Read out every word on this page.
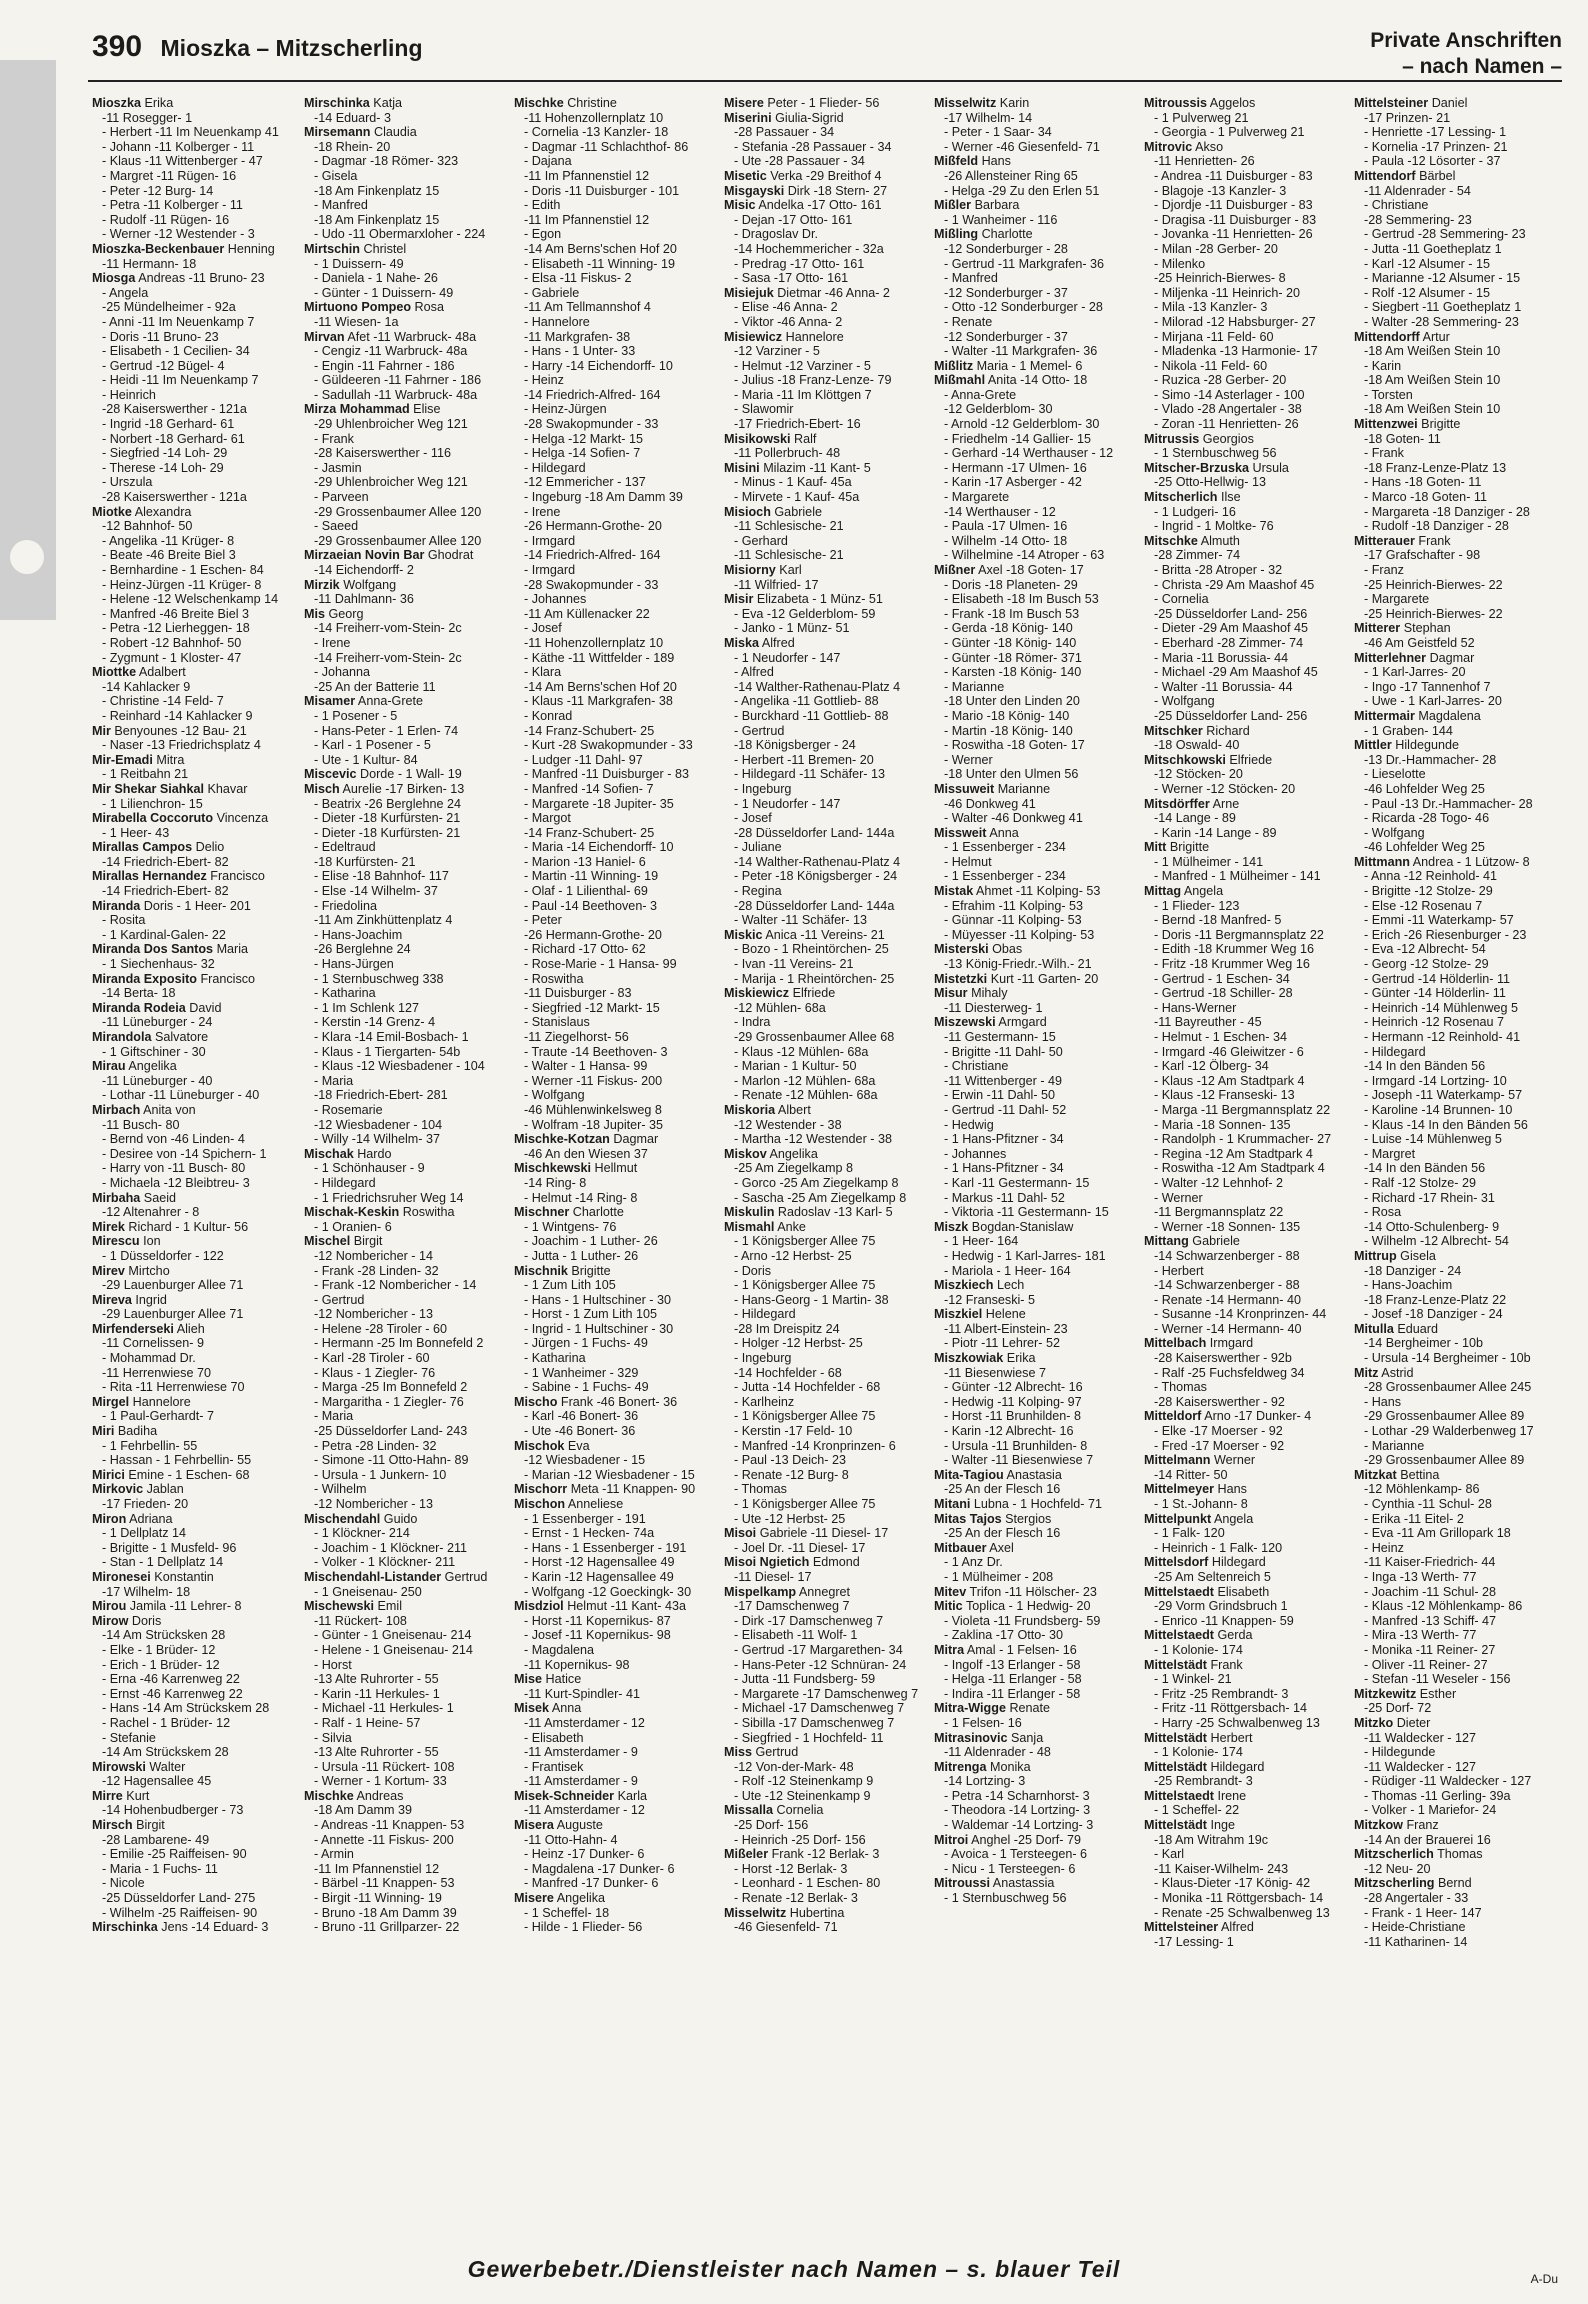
390 Mioszka – Mitzscherling	Private Anschriften
– nach Namen –
Mioszka Erika
-11 Rosegger- 1
- Herbert -11 Im Neuenkamp 41
- Johann -11 Kolberger - 11
- Klaus -11 Wittenberger - 47
- Margret -11 Rügen- 16
- Peter -12 Burg- 14
- Petra -11 Kolberger - 11
- Rudolf -11 Rügen- 16
- Werner -12 Westender - 3
Mioszka-Beckenbauer Henning
-11 Hermann- 18
Miosga Andreas -11 Bruno- 23
- Angela
-25 Mündelheimer - 92a
- Anni -11 Im Neuenkamp 7
- Doris -11 Bruno- 23
- Elisabeth - 1 Cecilien- 34
- Gertrud -12 Bügel- 4
- Heidi -11 Im Neuenkamp 7
- Heinrich
-28 Kaiserswerther - 121a
- Ingrid -18 Gerhard- 61
- Norbert -18 Gerhard- 61
- Siegfried -14 Loh- 29
- Therese -14 Loh- 29
- Urszula
-28 Kaiserswerther - 121a
Miotke Alexandra
-12 Bahnhof- 50
- Angelika -11 Krüger- 8
- Beate -46 Breite Biel 3
- Bernhardine - 1 Eschen- 84
- Heinz-Jürgen -11 Krüger- 8
- Helene -12 Welschenkamp 14
- Manfred -46 Breite Biel 3
- Petra -12 Lierheggen- 18
- Robert -12 Bahnhof- 50
- Zygmunt - 1 Kloster- 47
Miottke Adalbert
-14 Kahlacker 9
- Christine -14 Feld- 7
- Reinhard -14 Kahlacker 9
Mir Benyounes -12 Bau- 21
- Naser -13 Friedrichsplatz 4
Mir-Emadi Mitra
- 1 Reitbahn 21
Mir Shekar Siahkal Khavar
- 1 Lilienchron- 15
Mirabella Coccoruto Vincenza
- 1 Heer- 43
Mirallas Campos Delio
-14 Friedrich-Ebert- 82
Mirallas Hernandez Francisco
-14 Friedrich-Ebert- 82
Miranda Doris - 1 Heer- 201
- Rosita
- 1 Kardinal-Galen- 22
Miranda Dos Santos Maria
- 1 Siechenhaus- 32
Miranda Exposito Francisco
-14 Berta- 18
Miranda Rodeia David
-11 Lüneburger - 24
Mirandola Salvatore
- 1 Giftschiner - 30
Mirau Angelika
-11 Lüneburger - 40
- Lothar -11 Lüneburger - 40
Mirbach Anita von
-11 Busch- 80
- Bernd von -46 Linden- 4
- Desiree von -14 Spichern- 1
- Harry von -11 Busch- 80
- Michaela -12 Bleibtreu- 3
Mirbaha Saeid
-12 Altenahrer - 8
Mirek Richard - 1 Kultur- 56
Mirescu Ion
- 1 Düsseldorfer - 122
Mirev Mirtcho
-29 Lauenburger Allee 71
Mireva Ingrid
-29 Lauenburger Allee 71
Mirfenderseki Alieh
-11 Cornelissen- 9
- Mohammad Dr.
-11 Herrenwiese 70
- Rita -11 Herrenwiese 70
Mirgel Hannelore
- 1 Paul-Gerhardt- 7
Miri Badiha
- 1 Fehrbellin- 55
- Hassan - 1 Fehrbellin- 55
Mirici Emine - 1 Eschen- 68
Mirkovic Jablan
-17 Frieden- 20
Miron Adriana
- 1 Dellplatz 14
- Brigitte - 1 Musfeld- 96
- Stan - 1 Dellplatz 14
Mironesei Konstantin
-17 Wilhelm- 18
Mirou Jamila -11 Lehrer- 8
Mirow Doris
-14 Am Strücksken 28
- Elke - 1 Brüder- 12
- Erich - 1 Brüder- 12
- Erna -46 Karrenweg 22
- Ernst -46 Karrenweg 22
- Hans -14 Am Strückskem 28
- Rachel - 1 Brüder- 12
- Stefanie
-14 Am Strückskem 28
Mirowski Walter
-12 Hagensallee 45
Mirre Kurt
-14 Hohenbudberger - 73
Mirsch Birgit
-28 Lambarene- 49
- Emilie -25 Raiffeisen- 90
- Maria - 1 Fuchs- 11
- Nicole
-25 Düsseldorfer Land- 275
- Wilhelm -25 Raiffeisen- 90
Mirschinka Jens -14 Eduard- 3
Mirschinka Katja
-14 Eduard- 3
Mirsemann Claudia
-18 Rhein- 20
- Dagmar -18 Römer- 323
- Gisela
-18 Am Finkenplatz 15
- Manfred
-18 Am Finkenplatz 15
- Udo -11 Obermarxloher - 224
Mirtschin Christel
- 1 Duissern- 49
- Daniela - 1 Nahe- 26
- Günter - 1 Duissern- 49
Mirtuono Pompeo Rosa
-11 Wiesen- 1a
Mirvan Afet -11 Warbruck- 48a
- Cengiz -11 Warbruck- 48a
- Engin -11 Fahrner - 186
- Güldeeren -11 Fahrner - 186
- Sadullah -11 Warbruck- 48a
Mirza Mohammad Elise
-29 Uhlenbroicher Weg 121
- Frank
-28 Kaiserswerther - 116
- Jasmin
-29 Uhlenbroicher Weg 121
- Parveen
-29 Grossenbaumer Allee 120
- Saeed
-29 Grossenbaumer Allee 120
Mirzaeian Novin Bar Ghodrat
-14 Eichendorff- 2
Mirzik Wolfgang
-11 Dahlmann- 36
Mis Georg
-14 Freiherr-vom-Stein- 2c
- Irene
-14 Freiherr-vom-Stein- 2c
- Johanna
-25 An der Batterie 11
Misamer Anna-Grete
- 1 Posener - 5
- Hans-Peter - 1 Erlen- 74
- Karl - 1 Posener - 5
- Ute - 1 Kultur- 84
Miscevic Dorde - 1 Wall- 19
Misch Aurelie -17 Birken- 13
- Beatrix -26 Berglehne 24
- Dieter -18 Kurfürsten- 21
- Dieter -18 Kurfürsten- 21
- Edeltraud
-18 Kurfürsten- 21
- Elise -18 Bahnhof- 117
- Else -14 Wilhelm- 37
- Friedolina
-11 Am Zinkhüttenplatz 4
- Hans-Joachim
-26 Berglehne 24
- Hans-Jürgen
- 1 Sternbuschweg 338
- Katharina
- 1 Im Schlenk 127
- Kerstin -14 Grenz- 4
- Klara -14 Emil-Bosbach- 1
- Klaus - 1 Tiergarten- 54b
- Klaus -12 Wiesbadener - 104
- Maria
-18 Friedrich-Ebert- 281
- Rosemarie
-12 Wiesbadener - 104
- Willy -14 Wilhelm- 37
Mischak Hardo
- 1 Schönhauser - 9
- Hildegard
- 1 Friedrichsruher Weg 14
Mischak-Keskin Roswitha
- 1 Oranien- 6
Mischel Birgit
-12 Nombericher - 14
- Frank -28 Linden- 32
- Frank -12 Nombericher - 14
- Gertrud
-12 Nombericher - 13
- Helene -28 Tiroler - 60
- Hermann -25 Im Bonnefeld 2
- Karl -28 Tiroler - 60
- Klaus - 1 Ziegler- 76
- Marga -25 Im Bonnefeld 2
- Margaritha - 1 Ziegler- 76
- Maria
-25 Düsseldorfer Land- 243
- Petra -28 Linden- 32
- Simone -11 Otto-Hahn- 89
- Ursula - 1 Junkern- 10
- Wilhelm
-12 Nombericher - 13
Mischendahl Guido
- 1 Klöckner- 214
- Joachim - 1 Klöckner- 211
- Volker - 1 Klöckner- 211
Mischendahl-Listander Gertrud
- 1 Gneisenau- 250
Mischewski Emil
-11 Rückert- 108
- Günter - 1 Gneisenau- 214
- Helene - 1 Gneisenau- 214
- Horst
-13 Alte Ruhrorter - 55
- Karin -11 Herkules- 1
- Michael -11 Herkules- 1
- Ralf - 1 Heine- 57
- Silvia
-13 Alte Ruhrorter - 55
- Ursula -11 Rückert- 108
- Werner - 1 Kortum- 33
Mischke Andreas
-18 Am Damm 39
- Andreas -11 Knappen- 53
- Annette -11 Fiskus- 200
- Armin
-11 Im Pfannenstiel 12
- Bärbel -11 Knappen- 53
- Birgit -11 Winning- 19
- Bruno -18 Am Damm 39
- Bruno -11 Grillparzer- 22
Mischke Christine
-11 Hohenzollernplatz 10
- Cornelia -13 Kanzler- 18
- Dagmar -11 Schlachthof- 86
- Dajana
-11 Im Pfannenstiel 12
- Doris -11 Duisburger - 101
- Edith
-11 Im Pfannenstiel 12
- Egon
-14 Am Berns'schen Hof 20
- Elisabeth -11 Winning- 19
- Elsa -11 Fiskus- 2
- Gabriele
-11 Am Tellmannshof 4
- Hannelore
-11 Markgrafen- 38
- Hans - 1 Unter- 33
- Harry -14 Eichendorff- 10
- Heinz
-14 Friedrich-Alfred- 164
- Heinz-Jürgen
-28 Swakopmunder - 33
- Helga -12 Markt- 15
- Helga -14 Sofien- 7
- Hildegard
-12 Emmericher - 137
- Ingeburg -18 Am Damm 39
- Irene
-26 Hermann-Grothe- 20
- Irmgard
-14 Friedrich-Alfred- 164
- Irmgard
-28 Swakopmunder - 33
- Johannes
-11 Am Küllenacker 22
- Josef
-11 Hohenzollernplatz 10
- Käthe -11 Wittfelder - 189
- Klara
-14 Am Berns'schen Hof 20
- Klaus -11 Markgrafen- 38
- Konrad
-14 Franz-Schubert- 25
- Kurt -28 Swakopmunder - 33
- Ludger -11 Dahl- 97
- Manfred -11 Duisburger - 83
- Manfred -14 Sofien- 7
- Margarete -18 Jupiter- 35
- Margot
-14 Franz-Schubert- 25
- Maria -14 Eichendorff- 10
- Marion -13 Haniel- 6
- Martin -11 Winning- 19
- Olaf - 1 Lilienthal- 69
- Paul -14 Beethoven- 3
- Peter
-26 Hermann-Grothe- 20
- Richard -17 Otto- 62
- Rose-Marie - 1 Hansa- 99
- Roswitha
-11 Duisburger - 83
- Siegfried -12 Markt- 15
- Stanislaus
-11 Ziegelhorst- 56
- Traute -14 Beethoven- 3
- Walter - 1 Hansa- 99
- Werner -11 Fiskus- 200
- Wolfgang
-46 Mühlenwinkelsweg 8
- Wolfram -18 Jupiter- 35
Mischke-Kotzan Dagmar
-46 An den Wiesen 37
Mischkewski Hellmut
-14 Ring- 8
- Helmut -14 Ring- 8
Mischner Charlotte
- 1 Wintgens- 76
- Joachim - 1 Luther- 26
- Jutta - 1 Luther- 26
Mischnik Brigitte
- 1 Zum Lith 105
- Hans - 1 Hultschiner - 30
- Horst - 1 Zum Lith 105
- Ingrid - 1 Hultschiner - 30
- Jürgen - 1 Fuchs- 49
- Katharina
- 1 Wanheimer - 329
- Sabine - 1 Fuchs- 49
Mischo Frank -46 Bonert- 36
- Karl -46 Bonert- 36
- Ute -46 Bonert- 36
Mischok Eva
-12 Wiesbadener - 15
- Marian -12 Wiesbadener - 15
Mischorr Meta -11 Knappen- 90
Mischon Anneliese
- 1 Essenberger - 191
- Ernst - 1 Hecken- 74a
- Hans - 1 Essenberger - 191
- Horst -12 Hagensallee 49
- Karin -12 Hagensallee 49
- Wolfgang -12 Goeckingk- 30
Misdziol Helmut -11 Kant- 43a
- Horst -11 Kopernikus- 87
- Josef -11 Kopernikus- 98
- Magdalena
-11 Kopernikus- 98
Mise Hatice
-11 Kurt-Spindler- 41
Misek Anna
-11 Amsterdamer - 12
- Elisabeth
-11 Amsterdamer - 9
- Frantisek
-11 Amsterdamer - 9
Misek-Schneider Karla
-11 Amsterdamer - 12
Misera Auguste
-11 Otto-Hahn- 4
- Heinz -17 Dunker- 6
- Magdalena -17 Dunker- 6
- Manfred -17 Dunker- 6
Misere Angelika
- 1 Scheffel- 18
- Hilde - 1 Flieder- 56
Misere Peter - 1 Flieder- 56
Miserini Giulia-Sigrid
-28 Passauer - 34
- Stefania -28 Passauer - 34
- Ute -28 Passauer - 34
Misetic Verka -29 Breithof 4
Misgayski Dirk -18 Stern- 27
Misic Andelka -17 Otto- 161
- Dejan -17 Otto- 161
- Dragoslav Dr.
-14 Hochemmericher - 32a
- Predrag -17 Otto- 161
- Sasa -17 Otto- 161
Misiejuk Dietmar -46 Anna- 2
- Elise -46 Anna- 2
- Viktor -46 Anna- 2
Misiewicz Hannelore
-12 Varziner - 5
- Helmut -12 Varziner - 5
- Julius -18 Franz-Lenze- 79
- Maria -11 Im Klöttgen 7
- Slawomir
-17 Friedrich-Ebert- 16
Misikowski Ralf
-11 Pollerbruch- 48
Misini Milazim -11 Kant- 5
- Minus - 1 Kauf- 45a
- Mirvete - 1 Kauf- 45a
Misioch Gabriele
-11 Schlesische- 21
- Gerhard
-11 Schlesische- 21
Misiorny Karl
-11 Wilfried- 17
Misir Elizabeta - 1 Münz- 51
- Eva -12 Gelderblom- 59
- Janko - 1 Münz- 51
Miska Alfred
- 1 Neudorfer - 147
- Alfred
-14 Walther-Rathenau-Platz 4
- Angelika -11 Gottlieb- 88
- Burckhard -11 Gottlieb- 88
- Gertrud
-18 Königsberger - 24
- Herbert -11 Bremen- 20
- Hildegard -11 Schäfer- 13
- Ingeburg
- 1 Neudorfer - 147
- Josef
-28 Düsseldorfer Land- 144a
- Juliane
-14 Walther-Rathenau-Platz 4
- Peter -18 Königsberger - 24
- Regina
-28 Düsseldorfer Land- 144a
- Walter -11 Schäfer- 13
Miskic Anica -11 Vereins- 21
- Bozo - 1 Rheintörchen- 25
- Ivan -11 Vereins- 21
- Marija - 1 Rheintörchen- 25
Miskiewicz Elfriede
-12 Mühlen- 68a
- Indra
-29 Grossenbaumer Allee 68
- Klaus -12 Mühlen- 68a
- Marian - 1 Kultur- 50
- Marlon -12 Mühlen- 68a
- Renate -12 Mühlen- 68a
Miskoria Albert
-12 Westender - 38
- Martha -12 Westender - 38
Miskov Angelika
-25 Am Ziegelkamp 8
- Gorco -25 Am Ziegelkamp 8
- Sascha -25 Am Ziegelkamp 8
Miskulin Radoslav -13 Karl- 5
Mismahl Anke
- 1 Königsberger Allee 75
- Arno -12 Herbst- 25
- Doris
- 1 Königsberger Allee 75
- Hans-Georg - 1 Martin- 38
- Hildegard
-28 Im Dreispitz 24
- Holger -12 Herbst- 25
- Ingeburg
-14 Hochfelder - 68
- Jutta -14 Hochfelder - 68
- Karlheinz
- 1 Königsberger Allee 75
- Kerstin -17 Feld- 10
- Manfred -14 Kronprinzen- 6
- Paul -13 Deich- 23
- Renate -12 Burg- 8
- Thomas
- 1 Königsberger Allee 75
- Ute -12 Herbst- 25
Misoi Gabriele -11 Diesel- 17
- Joel Dr. -11 Diesel- 17
Misoi Ngietich Edmond
-11 Diesel- 17
Mispelkamp Annegret
-17 Damschenweg 7
- Dirk -17 Damschenweg 7
- Elisabeth -11 Wolf- 1
- Gertrud -17 Margarethen- 34
- Hans-Peter -12 Schnüran- 24
- Jutta -11 Fundsberg- 59
- Margarete -17 Damschenweg 7
- Michael -17 Damschenweg 7
- Sibilla -17 Damschenweg 7
- Siegfried - 1 Hochfeld- 11
Miss Gertrud
-12 Von-der-Mark- 48
- Rolf -12 Steinenkamp 9
- Ute -12 Steinenkamp 9
Missalla Cornelia
-25 Dorf- 156
- Heinrich -25 Dorf- 156
Mißeler Frank -12 Berlak- 3
- Horst -12 Berlak- 3
- Leonhard - 1 Eschen- 80
- Renate -12 Berlak- 3
Misselwitz Hubertina
-46 Giesenfeld- 71
Misselwitz Karin
-17 Wilhelm- 14
- Peter - 1 Saar- 34
- Werner -46 Giesenfeld- 71
Mißfeld Hans
-26 Allensteiner Ring 65
- Helga -29 Zu den Erlen 51
Mißler Barbara
- 1 Wanheimer - 116
Mißling Charlotte
-12 Sonderburger - 28
- Gertrud -11 Markgrafen- 36
- Manfred
-12 Sonderburger - 37
- Otto -12 Sonderburger - 28
- Renate
-12 Sonderburger - 37
- Walter -11 Markgrafen- 36
Mißlitz Maria - 1 Memel- 6
Mißmahl Anita -14 Otto- 18
- Anna-Grete
-12 Gelderblom- 30
- Arnold -12 Gelderblom- 30
- Friedhelm -14 Gallier- 15
- Gerhard -14 Werthauser - 12
- Hermann -17 Ulmen- 16
- Karin -17 Asberger - 42
- Margarete
-14 Werthauser - 12
- Paula -17 Ulmen- 16
- Wilhelm -14 Otto- 18
- Wilhelmine -14 Atroper - 63
Mißner Axel -18 Goten- 17
- Doris -18 Planeten- 29
- Elisabeth -18 Im Busch 53
- Frank -18 Im Busch 53
- Gerda -18 König- 140
- Günter -18 König- 140
- Günter -18 Römer- 371
- Karsten -18 König- 140
- Marianne
-18 Unter den Linden 20
- Mario -18 König- 140
- Martin -18 König- 140
- Roswitha -18 Goten- 17
- Werner
-18 Unter den Ulmen 56
Missuweit Marianne
-46 Donkweg 41
- Walter -46 Donkweg 41
Missweit Anna
- 1 Essenberger - 234
- Helmut
- 1 Essenberger - 234
Mistak Ahmet -11 Kolping- 53
- Efrahim -11 Kolping- 53
- Günnar -11 Kolping- 53
- Müyesser -11 Kolping- 53
Misterski Obas
-13 König-Friedr.-Wilh.- 21
Mistetzki Kurt -11 Garten- 20
Misur Mihaly
-11 Diesterweg- 1
Miszewski Armgard
-11 Gestermann- 15
- Brigitte -11 Dahl- 50
- Christiane
-11 Wittenberger - 49
- Erwin -11 Dahl- 50
- Gertrud -11 Dahl- 52
- Hedwig
- 1 Hans-Pfitzner - 34
- Johannes
- 1 Hans-Pfitzner - 34
- Karl -11 Gestermann- 15
- Markus -11 Dahl- 52
- Viktoria -11 Gestermann- 15
Miszk Bogdan-Stanislaw
- 1 Heer- 164
- Hedwig - 1 Karl-Jarres- 181
- Mariola - 1 Heer- 164
Miszkiech Lech
-12 Franseski- 5
Miszkiel Helene
-11 Albert-Einstein- 23
- Piotr -11 Lehrer- 52
Miszkowiak Erika
-11 Biesenwiese 7
- Günter -12 Albrecht- 16
- Hedwig -11 Kolping- 97
- Horst -11 Brunhilden- 8
- Karin -12 Albrecht- 16
- Ursula -11 Brunhilden- 8
- Walter -11 Biesenwiese 7
Mita-Tagiou Anastasia
-25 An der Flesch 16
Mitani Lubna - 1 Hochfeld- 71
Mitas Tajos Stergios
-25 An der Flesch 16
Mitbauer Axel
- 1 Anz Dr.
- 1 Mülheimer - 208
Mitev Trifon -11 Hölscher- 23
Mitic Toplica - 1 Hedwig- 20
- Violeta -11 Frundsberg- 59
- Zaklina -17 Otto- 30
Mitra Amal - 1 Felsen- 16
- Ingolf -13 Erlanger - 58
- Helga -11 Erlanger - 58
- Indira -11 Erlanger - 58
Mitra-Wigge Renate
- 1 Felsen- 16
Mitrasinovic Sanja
-11 Aldenrader - 48
Mitrenga Monika
-14 Lortzing- 3
- Petra -14 Scharnhorst- 3
- Theodora -14 Lortzing- 3
- Waldemar -14 Lortzing- 3
Mitroi Anghel -25 Dorf- 79
- Avoica - 1 Tersteegen- 6
- Nicu - 1 Tersteegen- 6
Mitroussi Anastassia
- 1 Sternbuschweg 56
Mitroussis Aggelos
- 1 Pulverweg 21
- Georgia - 1 Pulverweg 21
Mitrovic Akso
-11 Henrietten- 26
- Andrea -11 Duisburger - 83
- Blagoje -13 Kanzler- 3
- Djordje -11 Duisburger - 83
- Dragisa -11 Duisburger - 83
- Jovanka -11 Henrietten- 26
- Milan -28 Gerber- 20
- Milenko
-25 Heinrich-Bierwes- 8
- Miljenka -11 Heinrich- 20
- Mila -13 Kanzler- 3
- Milorad -12 Habsburger- 27
- Mirjana -11 Feld- 60
- Mladenka -13 Harmonie- 17
- Nikola -11 Feld- 60
- Ruzica -28 Gerber- 20
- Simo -14 Asterlager - 100
- Vlado -28 Angertaler - 38
- Zoran -11 Henrietten- 26
Mitrussis Georgios
- 1 Sternbuschweg 56
Mitscher-Brzuska Ursula
-25 Otto-Hellwig- 13
Mitscherlich Ilse
- 1 Ludgeri- 16
- Ingrid - 1 Moltke- 76
Mitschke Almuth
-28 Zimmer- 74
- Britta -28 Atroper - 32
- Christa -29 Am Maashof 45
- Cornelia
-25 Düsseldorfer Land- 256
- Dieter -29 Am Maashof 45
- Eberhard -28 Zimmer- 74
- Maria -11 Borussia- 44
- Michael -29 Am Maashof 45
- Walter -11 Borussia- 44
- Wolfgang
-25 Düsseldorfer Land- 256
Mitschker Richard
-18 Oswald- 40
Mitschkowski Elfriede
-12 Stöcken- 20
- Werner -12 Stöcken- 20
Mitsdörffer Arne
-14 Lange - 89
- Karin -14 Lange - 89
Mitt Brigitte
- 1 Mülheimer - 141
- Manfred - 1 Mülheimer - 141
Mittag Angela
- 1 Flieder- 123
- Bernd -18 Manfred- 5
- Doris -11 Bergmannsplatz 22
- Edith -18 Krummer Weg 16
- Fritz -18 Krummer Weg 16
- Gertrud - 1 Eschen- 34
- Gertrud -18 Schiller- 28
- Hans-Werner
-11 Bayreuther - 45
- Helmut - 1 Eschen- 34
- Irmgard -46 Gleiwitzer - 6
- Karl -12 Ölberg- 34
- Klaus -12 Am Stadtpark 4
- Klaus -12 Franseski- 13
- Marga -11 Bergmannsplatz 22
- Maria -18 Sonnen- 135
- Randolph - 1 Krummacher- 27
- Regina -12 Am Stadtpark 4
- Roswitha -12 Am Stadtpark 4
- Walter -12 Lehnhof- 2
- Werner
-11 Bergmannsplatz 22
- Werner -18 Sonnen- 135
Mittang Gabriele
-14 Schwarzenberger - 88
- Herbert
-14 Schwarzenberger - 88
- Renate -14 Hermann- 40
- Susanne -14 Kronprinzen- 44
- Werner -14 Hermann- 40
Mittelbach Irmgard
-28 Kaiserswerther - 92b
- Ralf -25 Fuchsfeldweg 34
- Thomas
-28 Kaiserswerther - 92
Mitteldorf Arno -17 Dunker- 4
- Elke -17 Moerser - 92
- Fred -17 Moerser - 92
Mittelmann Werner
-14 Ritter- 50
Mittelmeyer Hans
- 1 St.-Johann- 8
Mittelpunkt Angela
- 1 Falk- 120
- Heinrich - 1 Falk- 120
Mittelsdorf Hildegard
-25 Am Seltenreich 5
Mittelstaedt Elisabeth
-29 Vorm Grindsbruch 1
- Enrico -11 Knappen- 59
Mittelstaedt Gerda
- 1 Kolonie- 174
Mittelstädt Frank
- 1 Winkel- 21
- Fritz -25 Rembrandt- 3
- Fritz -11 Röttgersbach- 14
- Harry -25 Schwalbenweg 13
Mittelstädt Herbert
- 1 Kolonie- 174
Mittelstädt Hildegard
-25 Rembrandt- 3
Mittelstaedt Irene
- 1 Scheffel- 22
Mittelstädt Inge
-18 Am Witrahm 19c
- Karl
-11 Kaiser-Wilhelm- 243
- Klaus-Dieter -17 König- 42
- Monika -11 Röttgersbach- 14
- Renate -25 Schwalbenweg 13
Mittelsteiner Alfred
-17 Lessing- 1
Mittelsteiner Daniel
-17 Prinzen- 21
- Henriette -17 Lessing- 1
- Kornelia -17 Prinzen- 21
- Paula -12 Lösorter - 37
Mittendorf Bärbel
-11 Aldenrader - 54
- Christiane
-28 Semmering- 23
- Gertrud -28 Semmering- 23
- Jutta -11 Goetheplatz 1
- Karl -12 Alsumer - 15
- Marianne -12 Alsumer - 15
- Rolf -12 Alsumer - 15
- Siegbert -11 Goetheplatz 1
- Walter -28 Semmering- 23
Mittendorff Artur
-18 Am Weißen Stein 10
- Karin
-18 Am Weißen Stein 10
- Torsten
-18 Am Weißen Stein 10
Mittenzwei Brigitte
-18 Goten- 11
- Frank
-18 Franz-Lenze-Platz 13
- Hans -18 Goten- 11
- Marco -18 Goten- 11
- Margareta -18 Danziger - 28
- Rudolf -18 Danziger - 28
Mitterauer Frank
-17 Grafschafter - 98
- Franz
-25 Heinrich-Bierwes- 22
- Margarete
-25 Heinrich-Bierwes- 22
Mitterer Stephan
-46 Am Geistfeld 52
Mitterlehner Dagmar
- 1 Karl-Jarres- 20
- Ingo -17 Tannenhof 7
- Uwe - 1 Karl-Jarres- 20
Mittermair Magdalena
- 1 Graben- 144
Mittler Hildegunde
-13 Dr.-Hammacher- 28
- Lieselotte
-46 Lohfelder Weg 25
- Paul -13 Dr.-Hammacher- 28
- Ricarda -28 Togo- 46
- Wolfgang
-46 Lohfelder Weg 25
Mittmann Andrea - 1 Lützow- 8
- Anna -12 Reinhold- 41
- Brigitte -12 Stolze- 29
- Else -12 Rosenau 7
- Emmi -11 Waterkamp- 57
- Erich -26 Riesenburger - 23
- Eva -12 Albrecht- 54
- Georg -12 Stolze- 29
- Gertrud -14 Hölderlin- 11
- Günter -14 Hölderlin- 11
- Heinrich -14 Mühlenweg 5
- Heinrich -12 Rosenau 7
- Hermann -12 Reinhold- 41
- Hildegard
-14 In den Bänden 56
- Irmgard -14 Lortzing- 10
- Joseph -11 Waterkamp- 57
- Karoline -14 Brunnen- 10
- Klaus -14 In den Bänden 56
- Luise -14 Mühlenweg 5
- Margret
-14 In den Bänden 56
- Ralf -12 Stolze- 29
- Richard -17 Rhein- 31
- Rosa
-14 Otto-Schulenberg- 9
- Wilhelm -12 Albrecht- 54
Mittrup Gisela
-18 Danziger - 24
- Hans-Joachim
-18 Franz-Lenze-Platz 22
- Josef -18 Danziger - 24
Mitulla Eduard
-14 Bergheimer - 10b
- Ursula -14 Bergheimer - 10b
Mitz Astrid
-28 Grossenbaumer Allee 245
- Hans
-29 Grossenbaumer Allee 89
- Lothar -29 Walderbenweg 17
- Marianne
-29 Grossenbaumer Allee 89
Mitzkat Bettina
-12 Möhlenkamp- 86
- Cynthia -11 Schul- 28
- Erika -11 Eitel- 2
- Eva -11 Am Grillopark 18
- Heinz
-11 Kaiser-Friedrich- 44
- Inga -13 Werth- 77
- Joachim -11 Schul- 28
- Klaus -12 Möhlenkamp- 86
- Manfred -13 Schiff- 47
- Mira -13 Werth- 77
- Monika -11 Reiner- 27
- Oliver -11 Reiner- 27
- Stefan -11 Weseler - 156
Mitzkewitz Esther
-25 Dorf- 72
Mitzko Dieter
-11 Waldecker - 127
- Hildegunde
-11 Waldecker - 127
- Rüdiger -11 Waldecker - 127
- Thomas -11 Gerling- 39a
- Volker - 1 Mariefor- 24
Mitzkow Franz
-14 An der Brauerei 16
Mitzscherlich Thomas
-12 Neu- 20
Mitzscherling Bernd
-28 Angertaler - 33
- Frank - 1 Heer- 147
- Heide-Christiane
-11 Katharinen- 14
Gewerbebetr./Dienstleister nach Namen – s. blauer Teil	A-Du
